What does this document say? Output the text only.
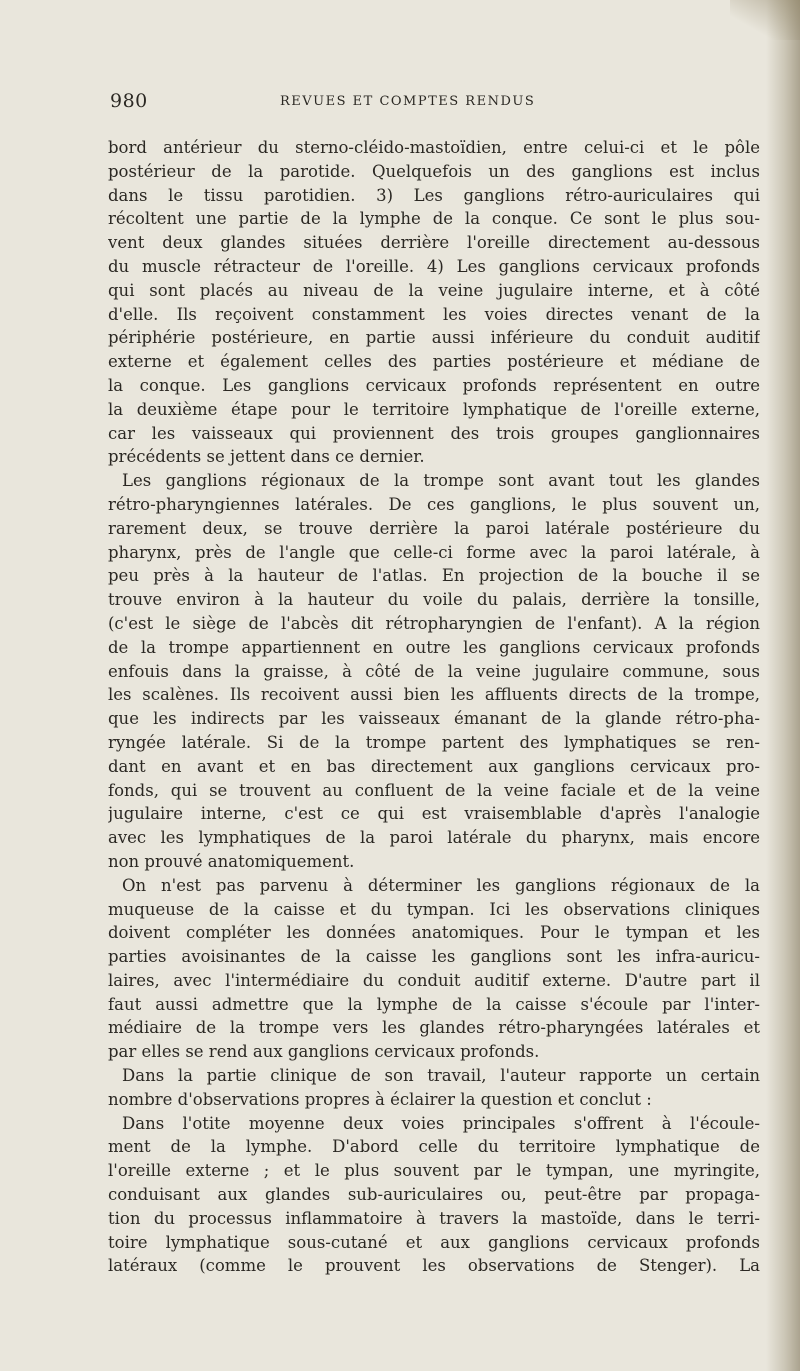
980	REVUES ET COMPTES RENDUS
bord antérieur du sterno-cléido-mastoïdien, entre celui-ci et le pôle
postérieur de la parotide. Quelquefois un des ganglions est inclus
dans le tissu parotidien. 3) Les ganglions rétro-auriculaires qui
récoltent une partie de la lymphe de la conque. Ce sont le plus sou-
vent deux glandes situées derrière l'oreille directement au-dessous
du muscle rétracteur de l'oreille. 4) Les ganglions cervicaux profonds
qui sont placés au niveau de la veine jugulaire interne, et à côté
d'elle. Ils reçoivent constamment les voies directes venant de la
périphérie postérieure, en partie aussi inférieure du conduit auditif
externe et également celles des parties postérieure et médiane de
la conque. Les ganglions cervicaux profonds représentent en outre
la deuxième étape pour le territoire lymphatique de l'oreille externe,
car les vaisseaux qui proviennent des trois groupes ganglionnaires
précédents se jettent dans ce dernier.
Les ganglions régionaux de la trompe sont avant tout les glandes
rétro-pharyngiennes latérales. De ces ganglions, le plus souvent un,
rarement deux, se trouve derrière la paroi latérale postérieure du
pharynx, près de l'angle que celle-ci forme avec la paroi latérale, à
peu près à la hauteur de l'atlas. En projection de la bouche il se
trouve environ à la hauteur du voile du palais, derrière la tonsille,
(c'est le siège de l'abcès dit rétropharyngien de l'enfant). A la région
de la trompe appartiennent en outre les ganglions cervicaux profonds
enfouis dans la graisse, à côté de la veine jugulaire commune, sous
les scalènes. Ils recoivent aussi bien les affluents directs de la trompe,
que les indirects par les vaisseaux émanant de la glande rétro-pha-
ryngée latérale. Si de la trompe partent des lymphatiques se ren-
dant en avant et en bas directement aux ganglions cervicaux pro-
fonds, qui se trouvent au confluent de la veine faciale et de la veine
jugulaire interne, c'est ce qui est vraisemblable d'après l'analogie
avec les lymphatiques de la paroi latérale du pharynx, mais encore
non prouvé anatomiquement.
On n'est pas parvenu à déterminer les ganglions régionaux de la
muqueuse de la caisse et du tympan. Ici les observations cliniques
doivent compléter les données anatomiques. Pour le tympan et les
parties avoisinantes de la caisse les ganglions sont les infra-auricu-
laires, avec l'intermédiaire du conduit auditif externe. D'autre part il
faut aussi admettre que la lymphe de la caisse s'écoule par l'inter-
médiaire de la trompe vers les glandes rétro-pharyngées latérales et
par elles se rend aux ganglions cervicaux profonds.
Dans la partie clinique de son travail, l'auteur rapporte un certain
nombre d'observations propres à éclairer la question et conclut :
Dans l'otite moyenne deux voies principales s'offrent à l'écoule-
ment de la lymphe. D'abord celle du territoire lymphatique de
l'oreille externe ; et le plus souvent par le tympan, une myringite,
conduisant aux glandes sub-auriculaires ou, peut-être par propaga-
tion du processus inflammatoire à travers la mastoïde, dans le terri-
toire lymphatique sous-cutané et aux ganglions cervicaux profonds
latéraux (comme le prouvent les observations de Stenger). La
